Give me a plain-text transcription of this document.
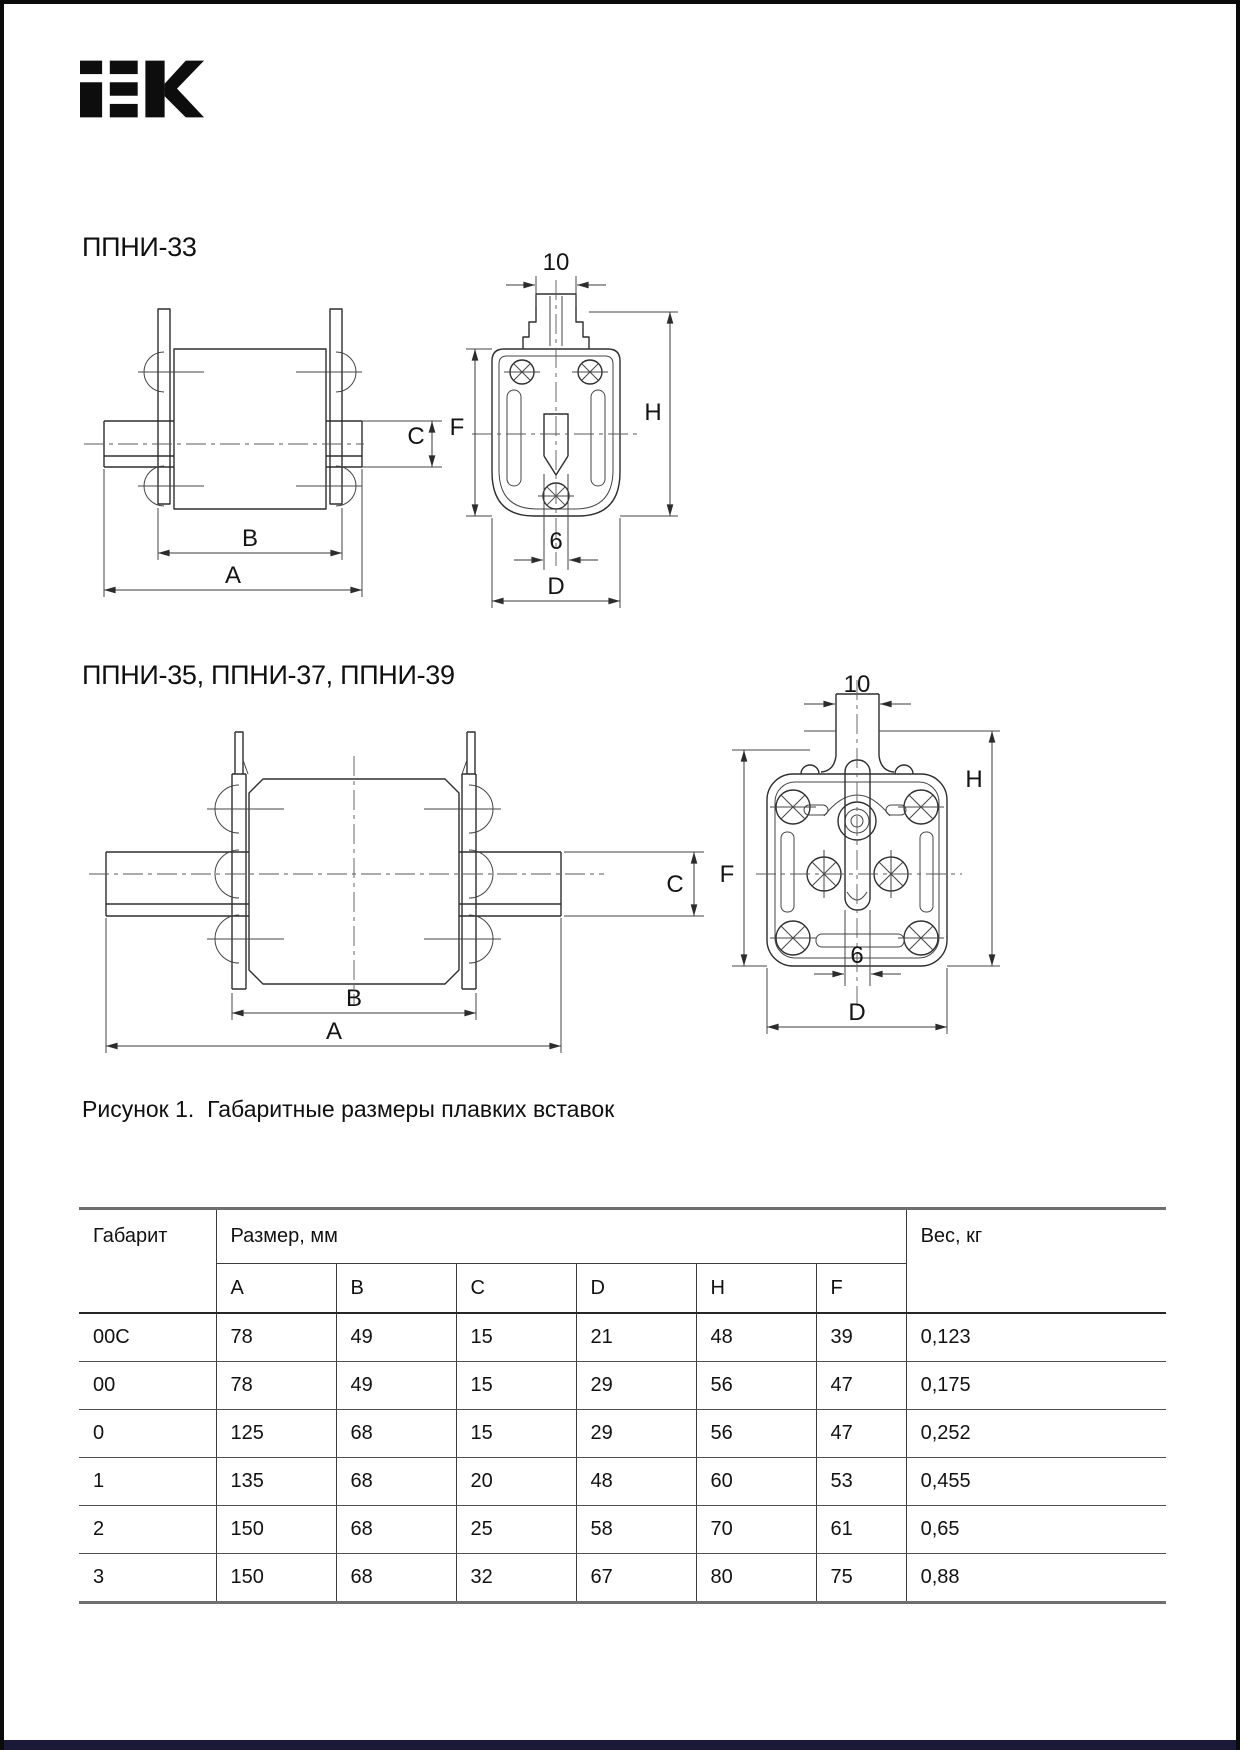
ППНИ-33
ППНИ-35, ППНИ-37, ППНИ-39
Рисунок 1.  Габаритные размеры плавких вставок
C
B
A
10
F
H
6
D
C
B
A
10
F
H
6
D
Габарит	Размер, мм						Вес, кг
	A	B	C	D	H	F	
00C	78	49	15	21	48	39	0,123
00	78	49	15	29	56	47	0,175
0	125	68	15	29	56	47	0,252
1	135	68	20	48	60	53	0,455
2	150	68	25	58	70	61	0,65
3	150	68	32	67	80	75	0,88
